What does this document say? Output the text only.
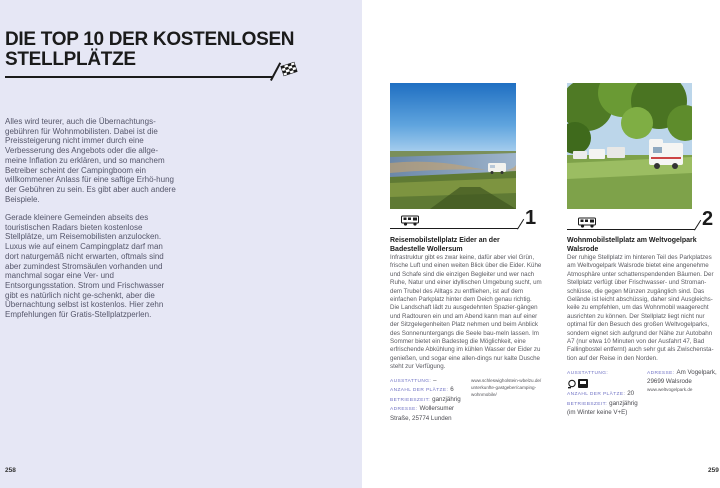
DIE TOP 10 DER KOSTENLOSEN
STELLPLÄTZE

Alles wird teurer, auch die Übernachtungs-gebühren für Wohnmobilisten. Dabei ist die Preissteigerung nicht immer durch eine Verbesserung des Angebots oder die allge-meine Inflation zu erklären, und so manchem Betreiber scheint der Campingboom ein willkommener Anlass für eine saftige Erhö-hung der Gebühren zu sein. Es gibt aber auch andere Beispiele.

Gerade kleinere Gemeinden abseits des touristischen Radars bieten kostenlose Stellplätze, um Reisemobilisten anzulocken. Luxus wie auf einem Campingplatz darf man dort naturgemäß nicht erwarten, oftmals sind aber zumindest Stromsäulen vorhanden und manchmal sogar eine Ver- und Entsorgungsstation. Strom und Frischwasser gibt es natürlich nicht ge-schenkt, aber die Übernachtung selbst ist kostenlos. Hier zehn Empfehlungen für Gratis-Stellplatzperlen.

258
1
Reisemobilstellplatz Eider an der
Badestelle Wollersum

Infrastruktur gibt es zwar keine, dafür aber viel Grün, frische Luft und einen weiten Blick über die Eider. Kühe und Schafe sind die einzigen Begleiter und wer nach Ruhe, Natur und einer idyllischen Umgebung sucht, um dem Trubel des Alltags zu entfliehen, ist auf dem einfachen Parkplatz hinter dem Deich genau richtig. Die Landschaft lädt zu ausgedehnten Spazier-gängen und Radtouren ein und am Abend kann man auf einer der Sitzgelegenheiten Platz nehmen und beim Anblick des Sonnenuntergangs die Seele bau-meln lassen. Im Sommer bietet ein Badesteg die Möglichkeit, eine erfrischende Abkühlung im kühlen Wasser der Eider zu genießen, und sogar eine allen-dings nur kalte Dusche steht zur Verfügung.

AUSSTATTUNG: –
ANZAHL DER PLÄTZE: 6
BETRIEBSZEIT: ganzjährig
ADRESSE: Wollersumer
Straße, 25774 Lunden
www.schleswigholstein-wbelzu.de/
unterkunfte-gastgeber/camping-
wohnmobile/
2
Wohnmobilstellplatz am Weltvogelpark
Walsrode

Der ruhige Stellplatz im hinteren Teil des Parkplatzes am Weltvogelpark Walsrode bietet eine angenehme Atmosphäre unter schattenspendenden Bäumen. Der Stellplatz verfügt über Frischwasser- und Stroman-schlüsse, die gegen Münzen zugänglich sind. Das Gelände ist leicht abschüssig, daher sind Ausgleichs-keile zu empfehlen, um das Wohnmobil waagerecht ausrichten zu können. Der Stellplatz liegt nicht nur optimal für den Besuch des großen Weltvogelparks, sondern eignet sich aufgrund der Nähe zur Autobahn A7 (nur etwa 10 Minuten von der Ausfahrt 47, Bad Fallingbostel entfernt) auch sehr gut als Zwischensta-tion auf der Reise in den Norden.

AUSSTATTUNG:
ANZAHL DER PLÄTZE: 20
BETRIEBSZEIT: ganzjährig
(im Winter keine V+E)
ADRESSE: Am Vogelpark,
29699 Walsrode
www.weltvogelpark.de
259
